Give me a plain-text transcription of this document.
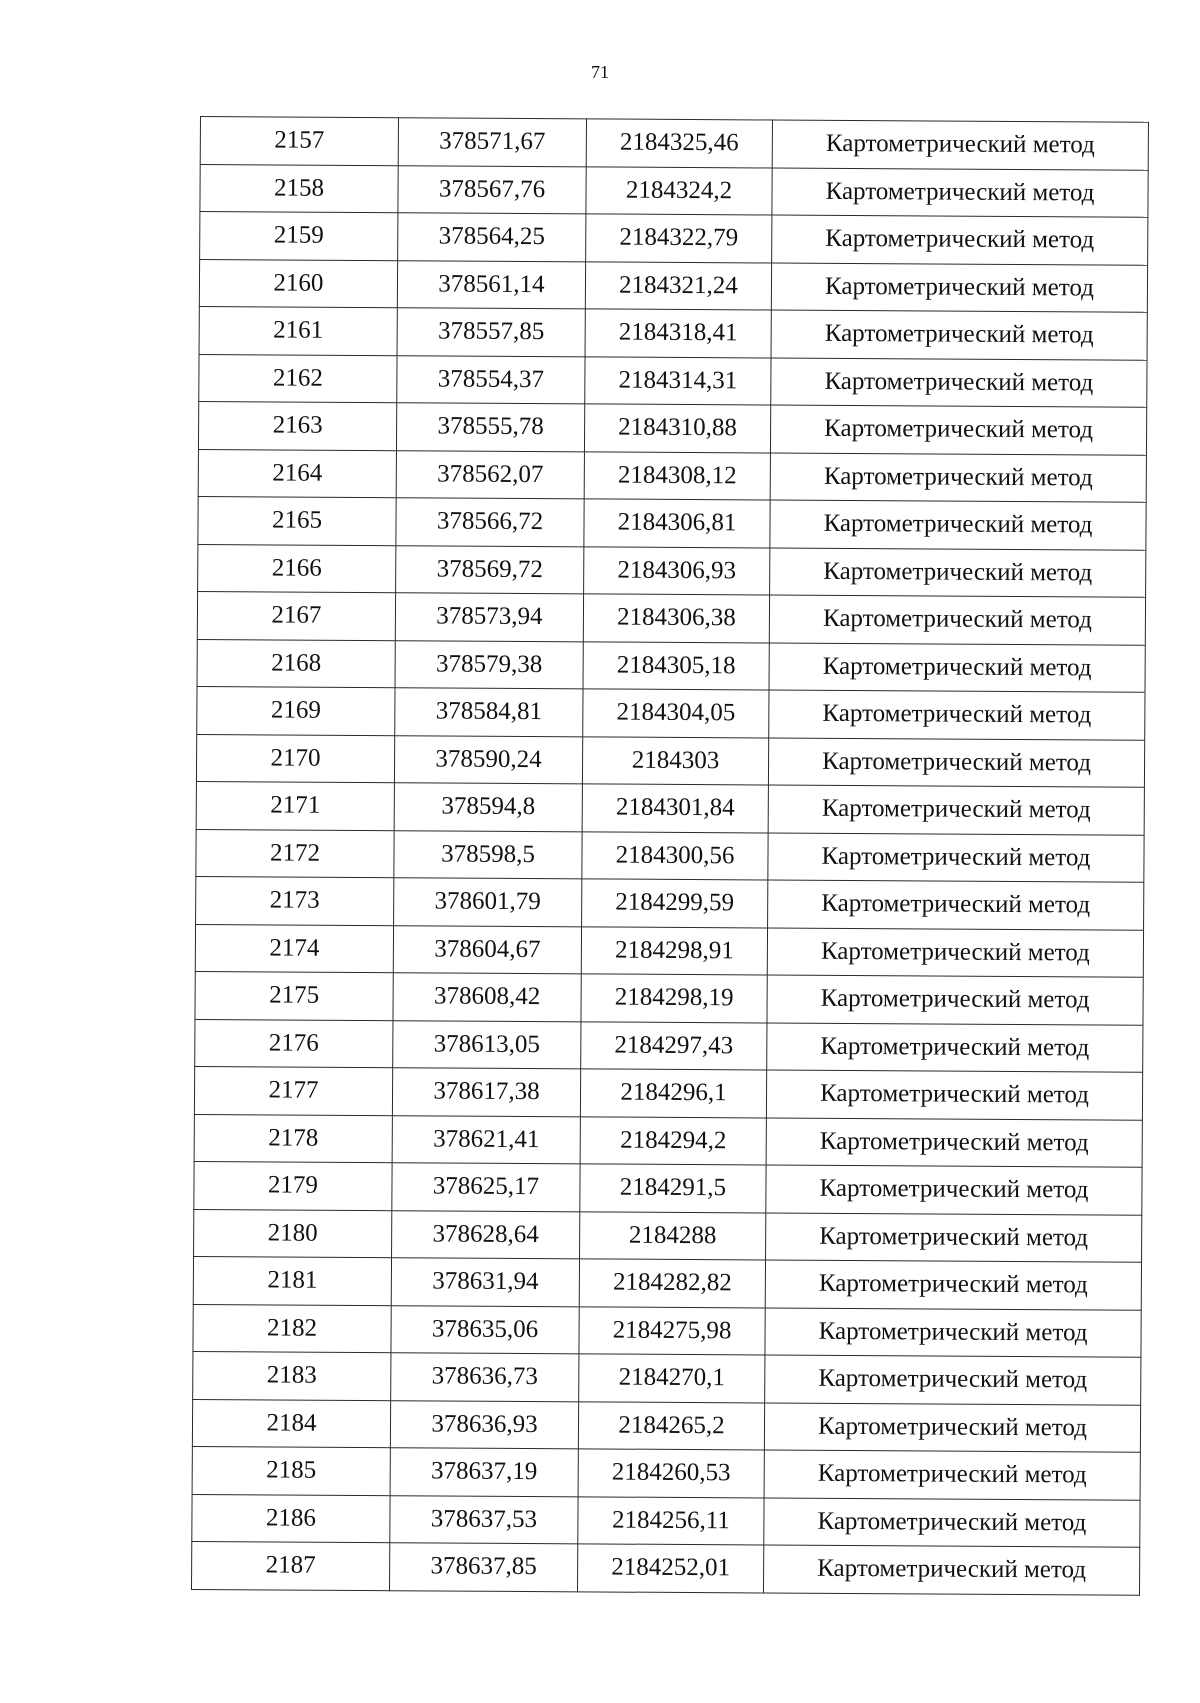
71
2157	378571,67	2184325,46	Картометрический метод
2158	378567,76	2184324,2	Картометрический метод
2159	378564,25	2184322,79	Картометрический метод
2160	378561,14	2184321,24	Картометрический метод
2161	378557,85	2184318,41	Картометрический метод
2162	378554,37	2184314,31	Картометрический метод
2163	378555,78	2184310,88	Картометрический метод
2164	378562,07	2184308,12	Картометрический метод
2165	378566,72	2184306,81	Картометрический метод
2166	378569,72	2184306,93	Картометрический метод
2167	378573,94	2184306,38	Картометрический метод
2168	378579,38	2184305,18	Картометрический метод
2169	378584,81	2184304,05	Картометрический метод
2170	378590,24	2184303	Картометрический метод
2171	378594,8	2184301,84	Картометрический метод
2172	378598,5	2184300,56	Картометрический метод
2173	378601,79	2184299,59	Картометрический метод
2174	378604,67	2184298,91	Картометрический метод
2175	378608,42	2184298,19	Картометрический метод
2176	378613,05	2184297,43	Картометрический метод
2177	378617,38	2184296,1	Картометрический метод
2178	378621,41	2184294,2	Картометрический метод
2179	378625,17	2184291,5	Картометрический метод
2180	378628,64	2184288	Картометрический метод
2181	378631,94	2184282,82	Картометрический метод
2182	378635,06	2184275,98	Картометрический метод
2183	378636,73	2184270,1	Картометрический метод
2184	378636,93	2184265,2	Картометрический метод
2185	378637,19	2184260,53	Картометрический метод
2186	378637,53	2184256,11	Картометрический метод
2187	378637,85	2184252,01	Картометрический метод
